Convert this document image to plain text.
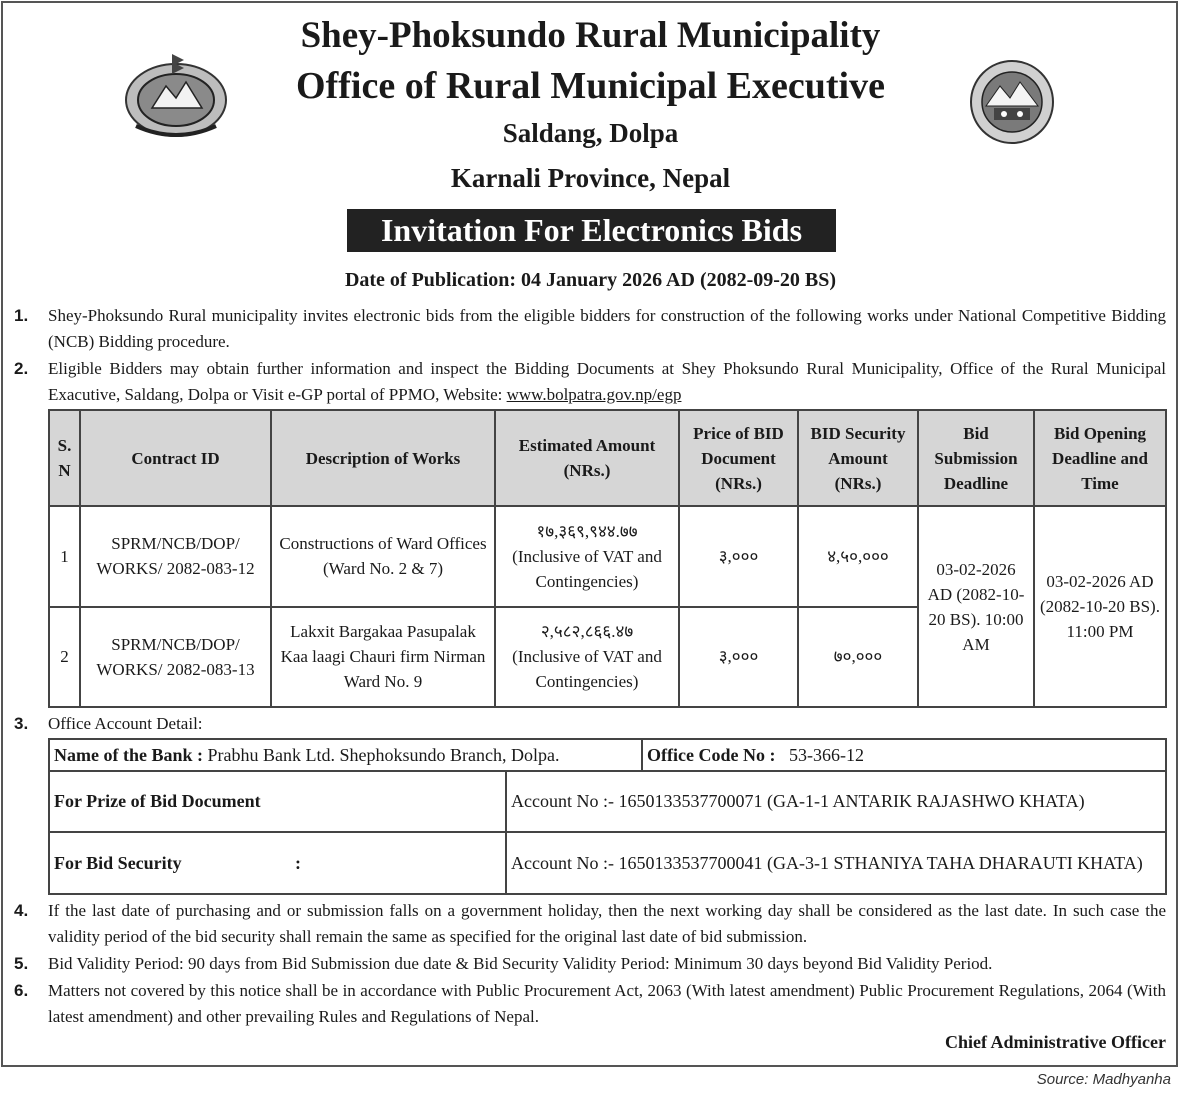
Shey-Phoksundo Rural Municipality
Office of Rural Municipal Executive
Saldang, Dolpa
Karnali Province, Nepal
Invitation For Electronics Bids
Date of Publication: 04 January 2026 AD (2082-09-20 BS)
1. Shey-Phoksundo Rural municipality invites electronic bids from the eligible bidders for construction of the following works under National Competitive Bidding (NCB) Bidding procedure.
2. Eligible Bidders may obtain further information and inspect the Bidding Documents at Shey Phoksundo Rural Municipality, Office of the Rural Municipal Exacutive, Saldang, Dolpa or Visit e-GP portal of PPMO, Website: www.bolpatra.gov.np/egp
S. N	Contract ID	Description of Works	Estimated Amount (NRs.)	Price of BID Document (NRs.)	BID Security Amount (NRs.)	Bid Submission Deadline	Bid Opening Deadline and Time
1	SPRM/NCB/DOP/ WORKS/ 2082-083-12	Constructions of Ward Offices (Ward No. 2 & 7)	१७,३६९,९४४.७७
(Inclusive of VAT and Contingencies)	३,०००	४,५०,०००	03-02-2026 AD (2082-10-20 BS). 10:00 AM	03-02-2026 AD (2082-10-20 BS). 11:00 PM
2	SPRM/NCB/DOP/ WORKS/ 2082-083-13	Lakxit Bargakaa Pasupalak Kaa laagi Chauri firm Nirman Ward No. 9	२,५८२,८६६.४७
(Inclusive of VAT and Contingencies)	३,०००	७०,०००		
3. Office Account Detail:
Name of the Bank : Prabhu Bank Ltd. Shephoksundo Branch, Dolpa.		Office Code No : 53-366-12
For Prize of Bid Document	Account No :- 1650133537700071 (GA-1-1 ANTARIK RAJASHWO KHATA)	
For Bid Security :	Account No :- 1650133537700041 (GA-3-1 STHANIYA TAHA DHARAUTI KHATA)	
4. If the last date of purchasing and or submission falls on a government holiday, then the next working day shall be considered as the last date. In such case the validity period of the bid security shall remain the same as specified for the original last date of bid submission.
5. Bid Validity Period: 90 days from Bid Submission due date & Bid Security Validity Period: Minimum 30 days beyond Bid Validity Period.
6. Matters not covered by this notice shall be in accordance with Public Procurement Act, 2063 (With latest amendment) Public Procurement Regulations, 2064 (With latest amendment) and other prevailing Rules and Regulations of Nepal.
Chief Administrative Officer
Source: Madhyanha
